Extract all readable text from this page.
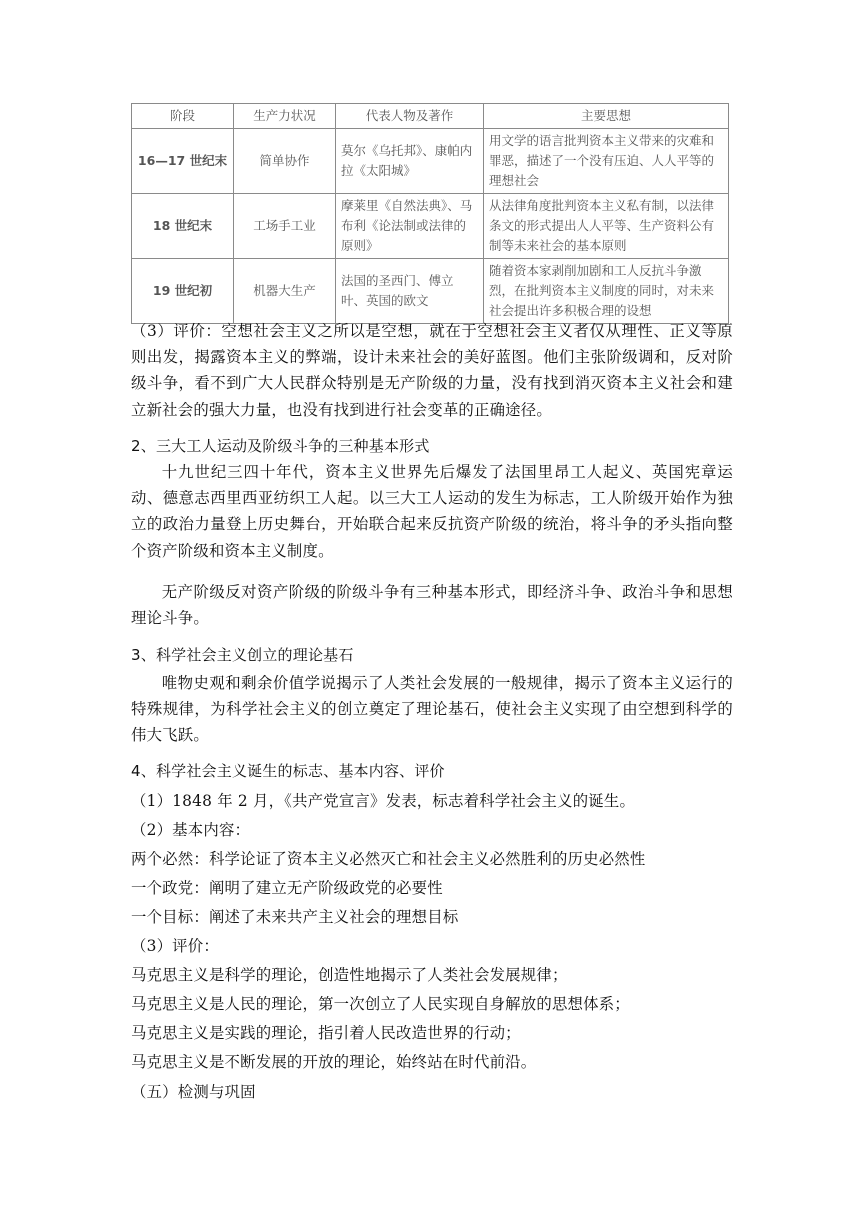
阶段	生产力状况	代表人物及著作	主要思想
16—17 世纪末	简单协作	莫尔《乌托邦》、康帕内拉《太阳城》	用文学的语言批判资本主义带来的灾难和罪恶，描述了一个没有压迫、人人平等的理想社会
18 世纪末	工场手工业	摩莱里《自然法典》、马布利《论法制或法律的原则》	从法律角度批判资本主义私有制，以法律条文的形式提出人人平等、生产资料公有制等未来社会的基本原则
19 世纪初	机器大生产	法国的圣西门、傅立叶、英国的欧文	随着资本家剥削加剧和工人反抗斗争激烈，在批判资本主义制度的同时，对未来社会提出许多积极合理的设想
（3）评价：空想社会主义之所以是空想，就在于空想社会主义者仅从理性、正义等原则出发，揭露资本主义的弊端，设计未来社会的美好蓝图。他们主张阶级调和，反对阶级斗争，看不到广大人民群众特别是无产阶级的力量，没有找到消灭资本主义社会和建立新社会的强大力量，也没有找到进行社会变革的正确途径。
2、三大工人运动及阶级斗争的三种基本形式
十九世纪三四十年代，资本主义世界先后爆发了法国里昂工人起义、英国宪章运动、德意志西里西亚纺织工人起。以三大工人运动的发生为标志，工人阶级开始作为独立的政治力量登上历史舞台，开始联合起来反抗资产阶级的统治，将斗争的矛头指向整个资产阶级和资本主义制度。
无产阶级反对资产阶级的阶级斗争有三种基本形式，即经济斗争、政治斗争和思想理论斗争。
3、科学社会主义创立的理论基石
唯物史观和剩余价值学说揭示了人类社会发展的一般规律，揭示了资本主义运行的特殊规律，为科学社会主义的创立奠定了理论基石，使社会主义实现了由空想到科学的伟大飞跃。
4、科学社会主义诞生的标志、基本内容、评价
（1）1848 年 2 月，《共产党宣言》发表，标志着科学社会主义的诞生。
（2）基本内容：
两个必然：科学论证了资本主义必然灭亡和社会主义必然胜利的历史必然性
一个政党：阐明了建立无产阶级政党的必要性
一个目标：阐述了未来共产主义社会的理想目标
（3）评价：
马克思主义是科学的理论，创造性地揭示了人类社会发展规律；
马克思主义是人民的理论，第一次创立了人民实现自身解放的思想体系；
马克思主义是实践的理论，指引着人民改造世界的行动；
马克思主义是不断发展的开放的理论，始终站在时代前沿。
（五）检测与巩固
